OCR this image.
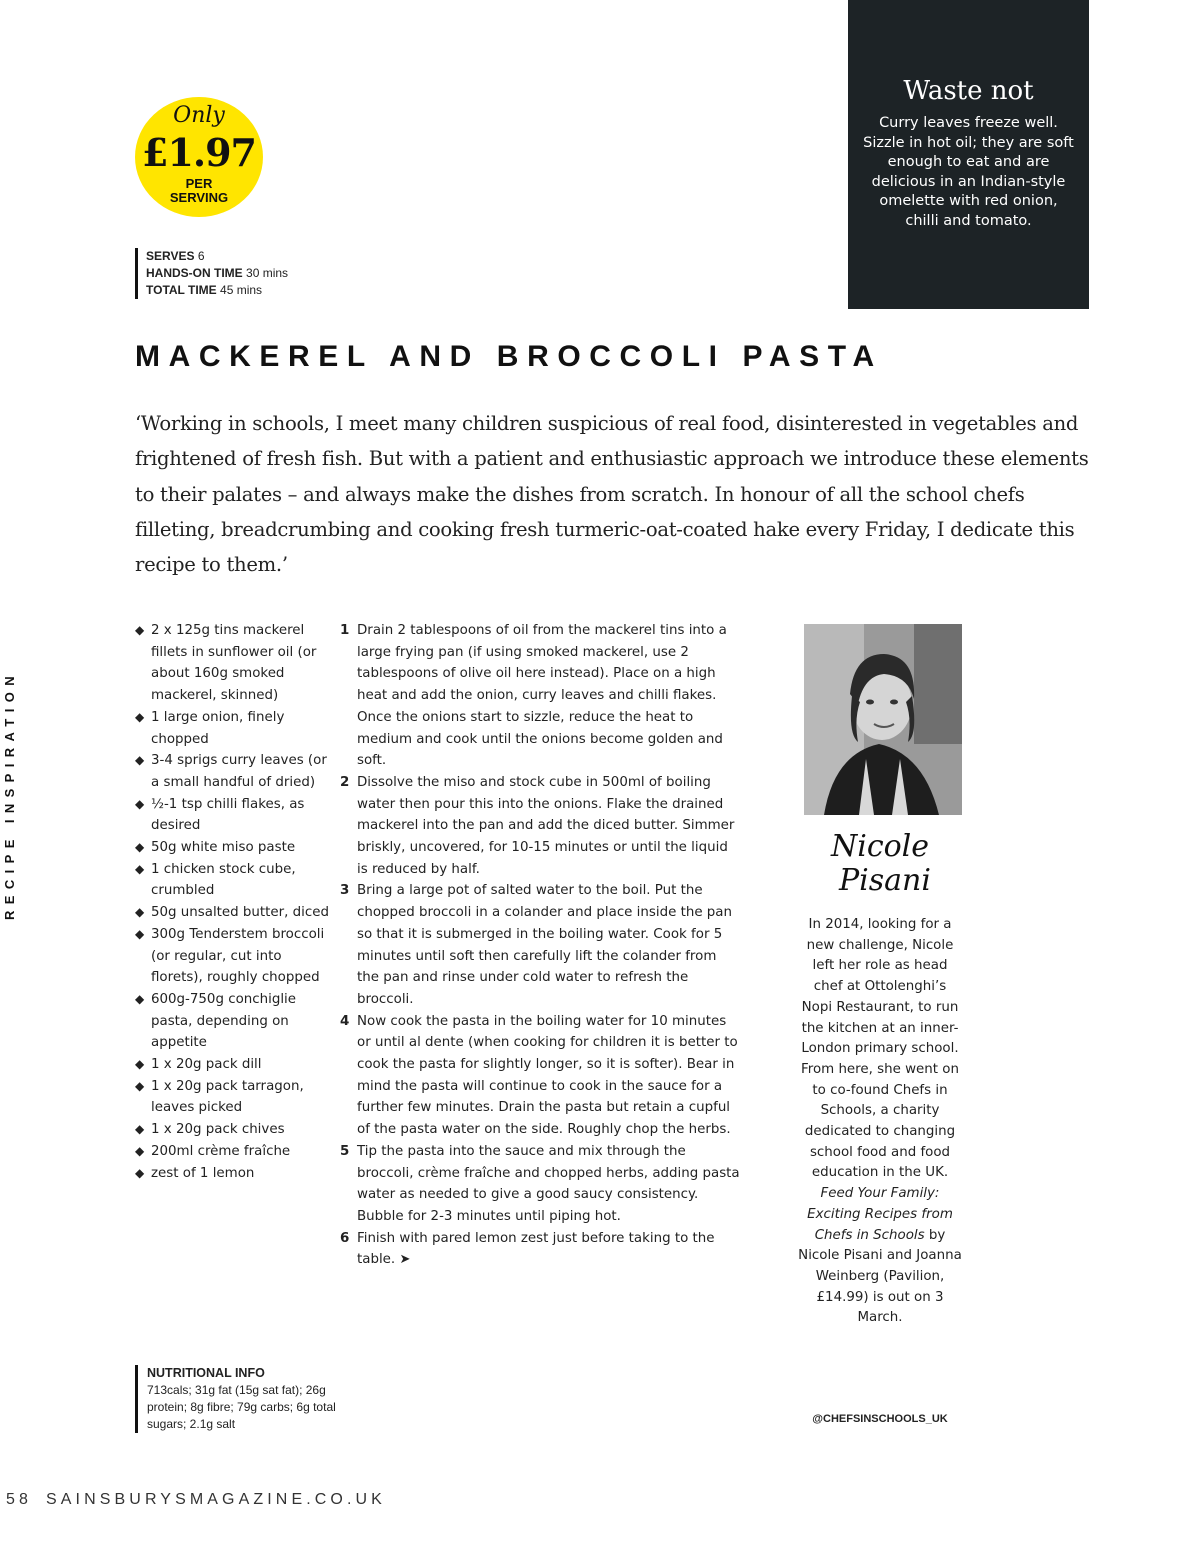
Only
£1.97
PER
SERVING
SERVES 6
HANDS-ON TIME 30 mins
TOTAL TIME 45 mins
Waste not
Curry leaves freeze well. Sizzle in hot oil; they are soft enough to eat and are delicious in an Indian-style omelette with red onion, chilli and tomato.
MACKEREL AND BROCCOLI PASTA
‘Working in schools, I meet many children suspicious of real food, disinterested in vegetables and frightened of fresh fish. But with a patient and enthusiastic approach we introduce these elements to their palates – and always make the dishes from scratch. In honour of all the school chefs filleting, breadcrumbing and cooking fresh turmeric-oat-coated hake every Friday, I dedicate this recipe to them.’
RECIPE INSPIRATION
◆ 2 x 125g tins mackerel fillets in sunflower oil (or about 160g smoked mackerel, skinned)
◆ 1 large onion, finely chopped
◆ 3-4 sprigs curry leaves (or a small handful of dried)
◆ ½-1 tsp chilli flakes, as desired
◆ 50g white miso paste
◆ 1 chicken stock cube, crumbled
◆ 50g unsalted butter, diced
◆ 300g Tenderstem broccoli (or regular, cut into florets), roughly chopped
◆ 600g-750g conchiglie pasta, depending on appetite
◆ 1 x 20g pack dill
◆ 1 x 20g pack tarragon, leaves picked
◆ 1 x 20g pack chives
◆ 200ml crème fraîche
◆ zest of 1 lemon
1 Drain 2 tablespoons of oil from the mackerel tins into a large frying pan (if using smoked mackerel, use 2 tablespoons of olive oil here instead). Place on a high heat and add the onion, curry leaves and chilli flakes. Once the onions start to sizzle, reduce the heat to medium and cook until the onions become golden and soft.
2 Dissolve the miso and stock cube in 500ml of boiling water then pour this into the onions. Flake the drained mackerel into the pan and add the diced butter. Simmer briskly, uncovered, for 10-15 minutes or until the liquid is reduced by half.
3 Bring a large pot of salted water to the boil. Put the chopped broccoli in a colander and place inside the pan so that it is submerged in the boiling water. Cook for 5 minutes until soft then carefully lift the colander from the pan and rinse under cold water to refresh the broccoli.
4 Now cook the pasta in the boiling water for 10 minutes or until al dente (when cooking for children it is better to cook the pasta for slightly longer, so it is softer). Bear in mind the pasta will continue to cook in the sauce for a further few minutes. Drain the pasta but retain a cupful of the pasta water on the side. Roughly chop the herbs.
5 Tip the pasta into the sauce and mix through the broccoli, crème fraîche and chopped herbs, adding pasta water as needed to give a good saucy consistency. Bubble for 2-3 minutes until piping hot.
6 Finish with pared lemon zest just before taking to the table. ➤
NUTRITIONAL INFO
713cals; 31g fat (15g sat fat); 26g protein; 8g fibre; 79g carbs; 6g total sugars; 2.1g salt
Nicole
Pisani
In 2014, looking for a new challenge, Nicole left her role as head chef at Ottolenghi’s Nopi Restaurant, to run the kitchen at an inner-London primary school. From here, she went on to co-found Chefs in Schools, a charity dedicated to changing school food and food education in the UK. Feed Your Family: Exciting Recipes from Chefs in Schools by Nicole Pisani and Joanna Weinberg (Pavilion, £14.99) is out on 3 March.
@CHEFSINSCHOOLS_UK
58 SAINSBURYSMAGAZINE.CO.UK
